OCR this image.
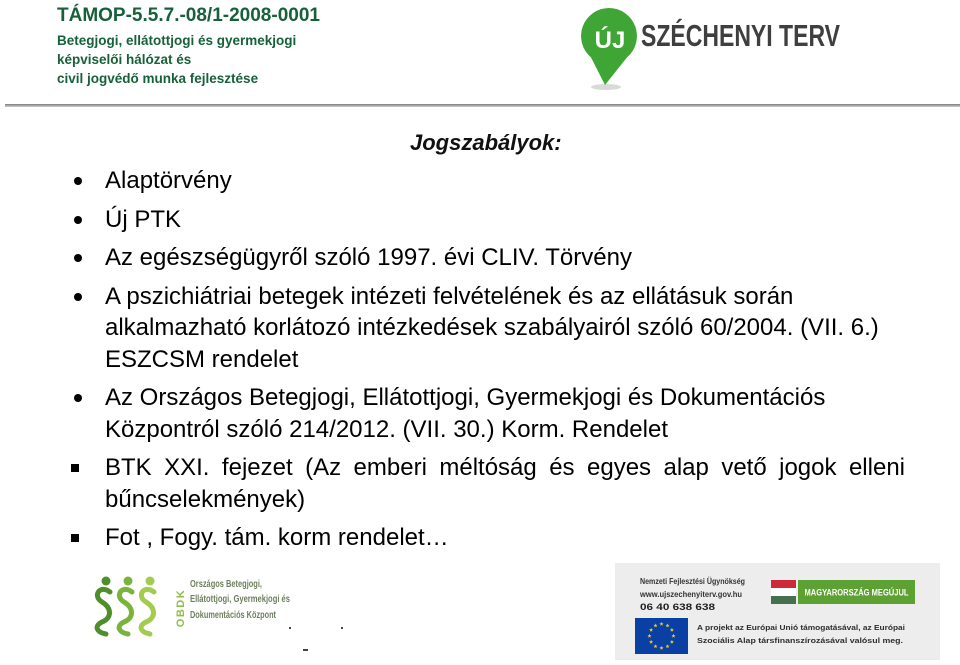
TÁMOP-5.5.7.-08/1-2008-0001
Betegjogi, ellátottjogi és gyermekjogi
képviselői hálózat és
civil jogvédő munka fejlesztése
ÚJ SZÉCHENYI TERV
Jogszabályok:
Alaptörvény
Új PTK
Az egészségügyről szóló 1997. évi CLIV. Törvény
A pszichiátriai betegek intézeti felvételének és az ellátásuk során
alkalmazható korlátozó intézkedések szabályairól szóló 60/2004. (VII. 6.)
ESZCSM rendelet
Az Országos Betegjogi, Ellátottjogi, Gyermekjogi és Dokumentációs
Központról szóló 214/2012. (VII. 30.) Korm. Rendelet
BTK XXI. fejezet (Az emberi méltóság és egyes alap vető jogok elleni
bűncselekmények)
Fot , Fogy. tám. korm rendelet…
OBDK
Országos Betegjogi,
Ellátottjogi, Gyermekjogi és
Dokumentációs Központ
Nemzeti Fejlesztési Ügynökség
www.ujszechenyiterv.gov.hu
06 40 638 638
MAGYARORSZÁG MEGÚJUL
A projekt az Európai Unió támogatásával, az Európai
Szociális Alap társfinanszírozásával valósul meg.
